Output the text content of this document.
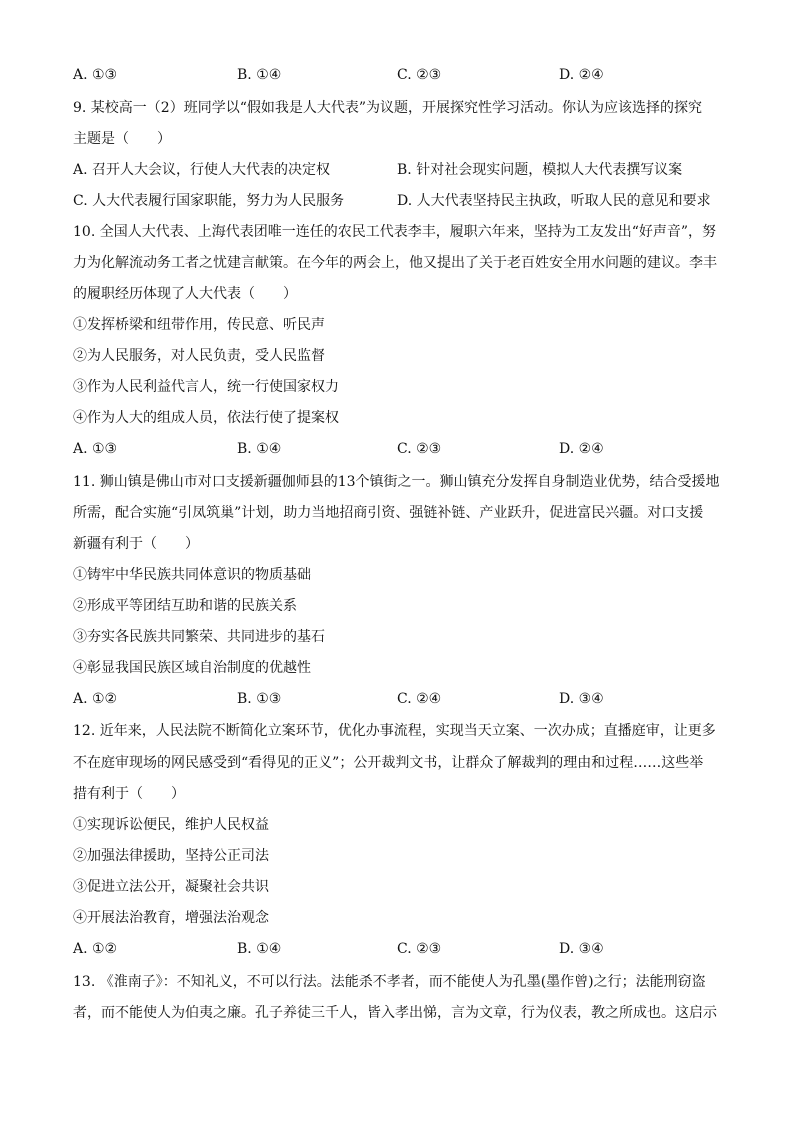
A. ①③	B. ①④	C. ②③	D. ②④
9. 某校高一（2）班同学以“假如我是人大代表”为议题，开展探究性学习活动。你认为应该选择的探究
主题是（　　）
A. 召开人大会议，行使人大代表的决定权	B. 针对社会现实问题，模拟人大代表撰写议案
C. 人大代表履行国家职能，努力为人民服务	D. 人大代表坚持民主执政，听取人民的意见和要求
10. 全国人大代表、上海代表团唯一连任的农民工代表李丰，履职六年来，坚持为工友发出“好声音”，努
力为化解流动务工者之忧建言献策。在今年的两会上，他又提出了关于老百姓安全用水问题的建议。李丰
的履职经历体现了人大代表（　　）
①发挥桥梁和纽带作用，传民意、听民声
②为人民服务，对人民负责，受人民监督
③作为人民利益代言人，统一行使国家权力
④作为人大的组成人员，依法行使了提案权
A. ①③	B. ①④	C. ②③	D. ②④
11. 狮山镇是佛山市对口支援新疆伽师县的13个镇街之一。狮山镇充分发挥自身制造业优势，结合受援地
所需，配合实施“引凤筑巢”计划，助力当地招商引资、强链补链、产业跃升，促进富民兴疆。对口支援
新疆有利于（　　）
①铸牢中华民族共同体意识的物质基础
②形成平等团结互助和谐的民族关系
③夯实各民族共同繁荣、共同进步的基石
④彰显我国民族区域自治制度的优越性
A. ①②	B. ①③	C. ②④	D. ③④
12. 近年来，人民法院不断简化立案环节，优化办事流程，实现当天立案、一次办成；直播庭审，让更多
不在庭审现场的网民感受到“看得见的正义”；公开裁判文书，让群众了解裁判的理由和过程……这些举
措有利于（　　）
①实现诉讼便民，维护人民权益
②加强法律援助，坚持公正司法
③促进立法公开，凝聚社会共识
④开展法治教育，增强法治观念
A. ①②	B. ①④	C. ②③	D. ③④
13. 《淮南子》：不知礼义，不可以行法。法能杀不孝者，而不能使人为孔墨(墨作曾)之行；法能刑窃盗
者，而不能使人为伯夷之廉。孔子养徒三千人，皆入孝出悌，言为文章，行为仪表，教之所成也。这启示
